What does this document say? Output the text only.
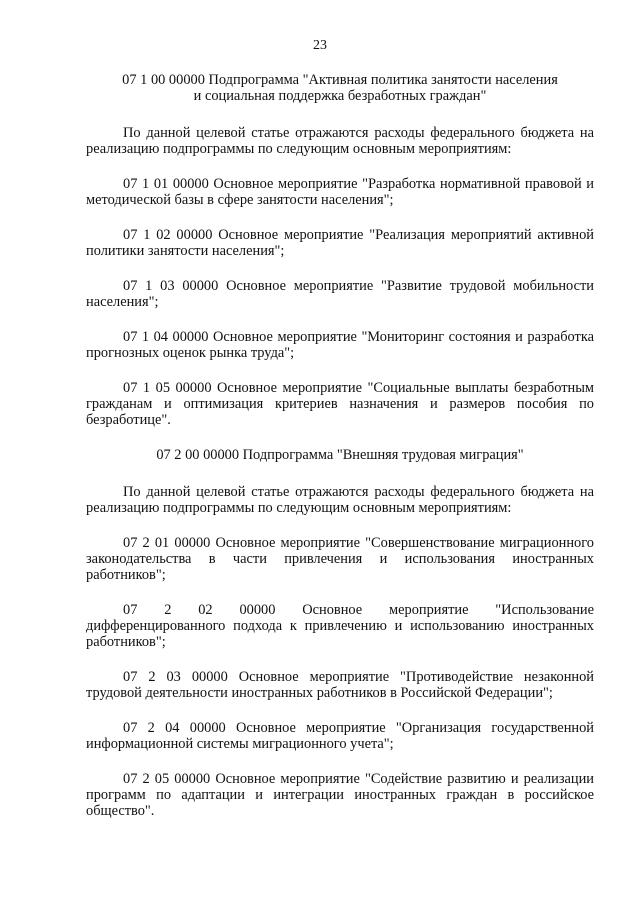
23
07 1 00 00000 Подпрограмма "Активная политика занятости населения
и социальная поддержка безработных граждан"

По данной целевой статье отражаются расходы федерального бюджета на реализацию подпрограммы по следующим основным мероприятиям:

07 1 01 00000 Основное мероприятие "Разработка нормативной правовой и методической базы в сфере занятости населения";

07 1 02 00000 Основное мероприятие "Реализация мероприятий активной политики занятости населения";

07 1 03 00000 Основное мероприятие "Развитие трудовой мобильности населения";

07 1 04 00000 Основное мероприятие "Мониторинг состояния и разработка прогнозных оценок рынка труда";

07 1 05 00000 Основное мероприятие "Социальные выплаты безработным гражданам и оптимизация критериев назначения и размеров пособия по безработице".

07 2 00 00000 Подпрограмма "Внешняя трудовая миграция"

По данной целевой статье отражаются расходы федерального бюджета на реализацию подпрограммы по следующим основным мероприятиям:

07 2 01 00000 Основное мероприятие "Совершенствование миграционного законодательства в части привлечения и использования иностранных работников";

07 2 02 00000 Основное мероприятие "Использование дифференцированного подхода к привлечению и использованию иностранных работников";

07 2 03 00000 Основное мероприятие "Противодействие незаконной трудовой деятельности иностранных работников в Российской Федерации";

07 2 04 00000 Основное мероприятие "Организация государственной информационной системы миграционного учета";

07 2 05 00000 Основное мероприятие "Содействие развитию и реализации программ по адаптации и интеграции иностранных граждан в российское общество".
